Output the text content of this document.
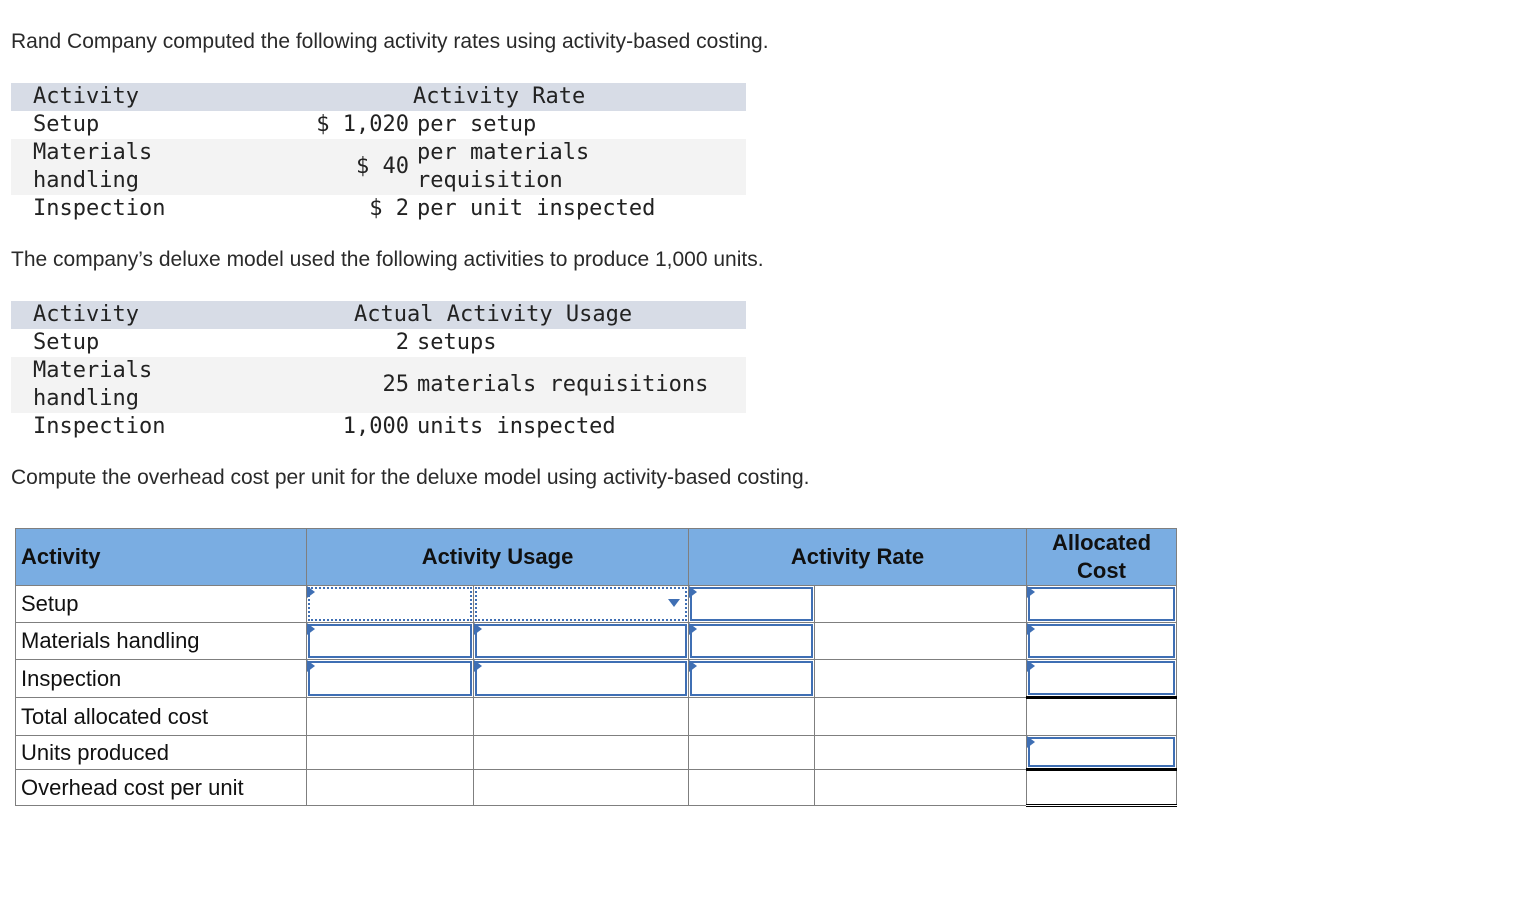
Rand Company computed the following activity rates using activity-based costing.
Activity	Activity Rate	
Setup	$ 1,020	per setup
Materials
handling	$ 40	per materials
requisition
Inspection	$ 2	per unit inspected
The company’s deluxe model used the following activities to produce 1,000 units.
Activity	Actual Activity Usage	
Setup	2	setups
Materials
handling	25	materials requisitions
Inspection	1,000	units inspected
Compute the overhead cost per unit for the deluxe model using activity-based costing.
Activity	Activity Usage		Activity Rate		Allocated
Cost
Setup	

Materials handling	

Inspection	

Total allocated cost					
Units produced					

Overhead cost per unit					
